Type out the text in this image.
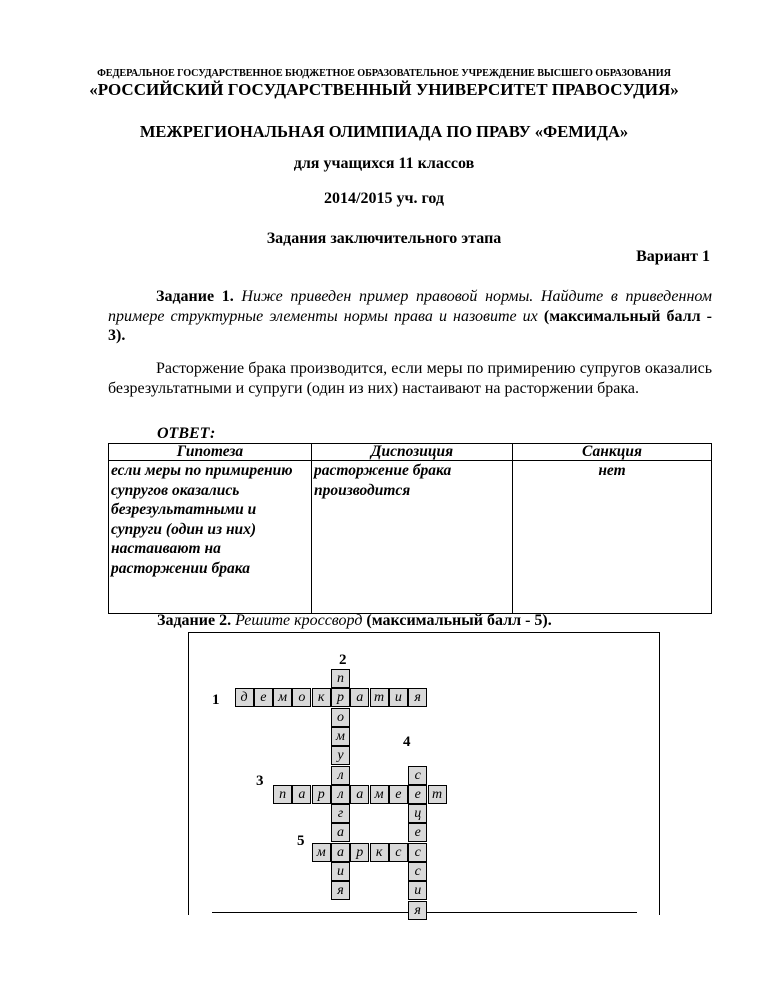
ФЕДЕРАЛЬНОЕ ГОСУДАРСТВЕННОЕ БЮДЖЕТНОЕ ОБРАЗОВАТЕЛЬНОЕ УЧРЕЖДЕНИЕ ВЫСШЕГО ОБРАЗОВАНИЯ
«РОССИЙСКИЙ ГОСУДАРСТВЕННЫЙ УНИВЕРСИТЕТ ПРАВОСУДИЯ»
МЕЖРЕГИОНАЛЬНАЯ ОЛИМПИАДА ПО ПРАВУ «ФЕМИДА»
для учащихся 11 классов
2014/2015 уч. год
Задания заключительного этапа
Вариант 1
Задание 1. Ниже приведен пример правовой нормы. Найдите в приведенном примере структурные элементы нормы права и назовите их (максимальный балл - 3).
Расторжение брака производится, если меры по примирению супругов оказались безрезультатными и супруги (один из них) настаивают на расторжении брака.
ОТВЕТ:
Гипотеза	Диспозиция	Санкция
если меры по примирению супругов оказались безрезультатными и супруги (один из них) настаивают на расторжении брака	расторжение брака производится	нет
Задание 2. Решите кроссворд (максимальный балл - 5).
д е м о к р а т и я
п
о
м
у
л
л
г
а
а
и
я
п а р	а м е е т
с
ц
е
с
с
и
я
м	р к с
1
2
3
4
5
